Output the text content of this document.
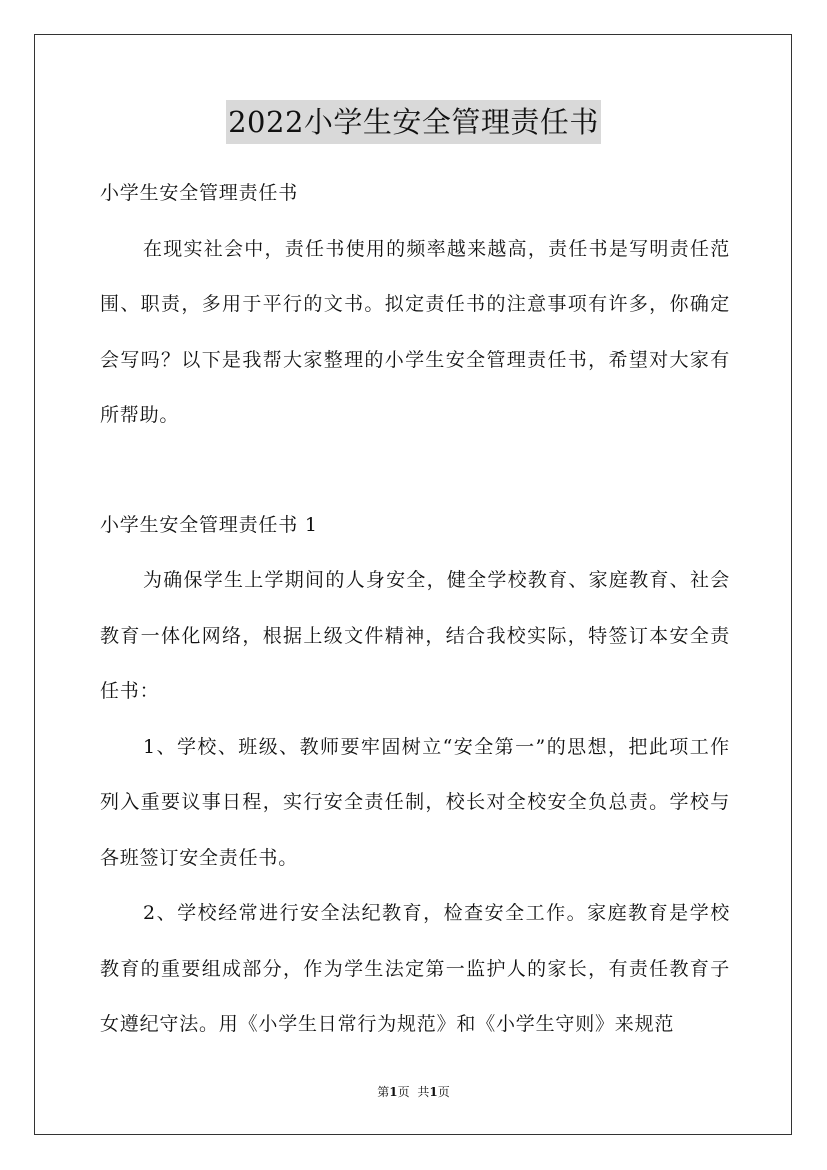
2022小学生安全管理责任书

小学生安全管理责任书

在现实社会中，责任书使用的频率越来越高，责任书是写明责任范围、职责，多用于平行的文书。拟定责任书的注意事项有许多，你确定会写吗？以下是我帮大家整理的小学生安全管理责任书，希望对大家有所帮助。

小学生安全管理责任书 1

为确保学生上学期间的人身安全，健全学校教育、家庭教育、社会教育一体化网络，根据上级文件精神，结合我校实际，特签订本安全责任书：

1、学校、班级、教师要牢固树立“安全第一”的思想，把此项工作列入重要议事日程，实行安全责任制，校长对全校安全负总责。学校与各班签订安全责任书。

2、学校经常进行安全法纪教育，检查安全工作。家庭教育是学校教育的重要组成部分，作为学生法定第一监护人的家长，有责任教育子女遵纪守法。用《小学生日常行为规范》和《小学生守则》来规范

第1页 共1页
